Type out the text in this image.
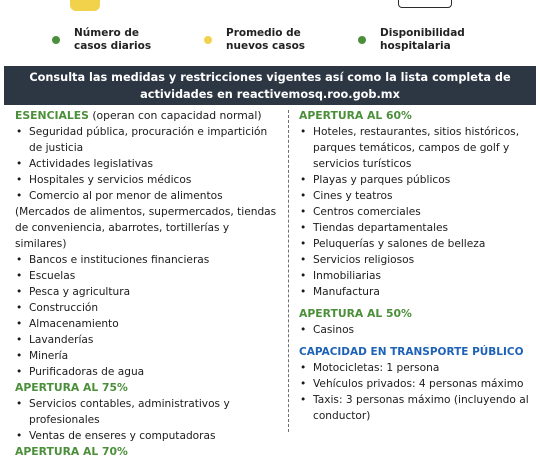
Número de
casos diarios
Promedio de
nuevos casos
Disponibilidad
hospitalaria
Consulta las medidas y restricciones vigentes así como la lista completa de
actividades en reactivemosq.roo.gob.mx
ESENCIALES (operan con capacidad normal)
• Seguridad pública, procuración e impartición de justicia
• Actividades legislativas
• Hospitales y servicios médicos
• Comercio al por menor de alimentos
(Mercados de alimentos, supermercados, tiendas de conveniencia, abarrotes, tortillerías y similares)
• Bancos e instituciones financieras
• Escuelas
• Pesca y agricultura
• Construcción
• Almacenamiento
• Lavanderías
• Minería
• Purificadoras de agua
APERTURA AL 75%
• Servicios contables, administrativos y profesionales
• Ventas de enseres y computadoras
APERTURA AL 70%
APERTURA AL 60%
• Hoteles, restaurantes, sitios históricos, parques temáticos, campos de golf y servicios turísticos
• Playas y parques públicos
• Cines y teatros
• Centros comerciales
• Tiendas departamentales
• Peluquerías y salones de belleza
• Servicios religiosos
• Inmobiliarias
• Manufactura
APERTURA AL 50%
• Casinos
CAPACIDAD EN TRANSPORTE PÚBLICO
• Motocicletas: 1 persona
• Vehículos privados: 4 personas máximo
• Taxis: 3 personas máximo (incluyendo al conductor)
